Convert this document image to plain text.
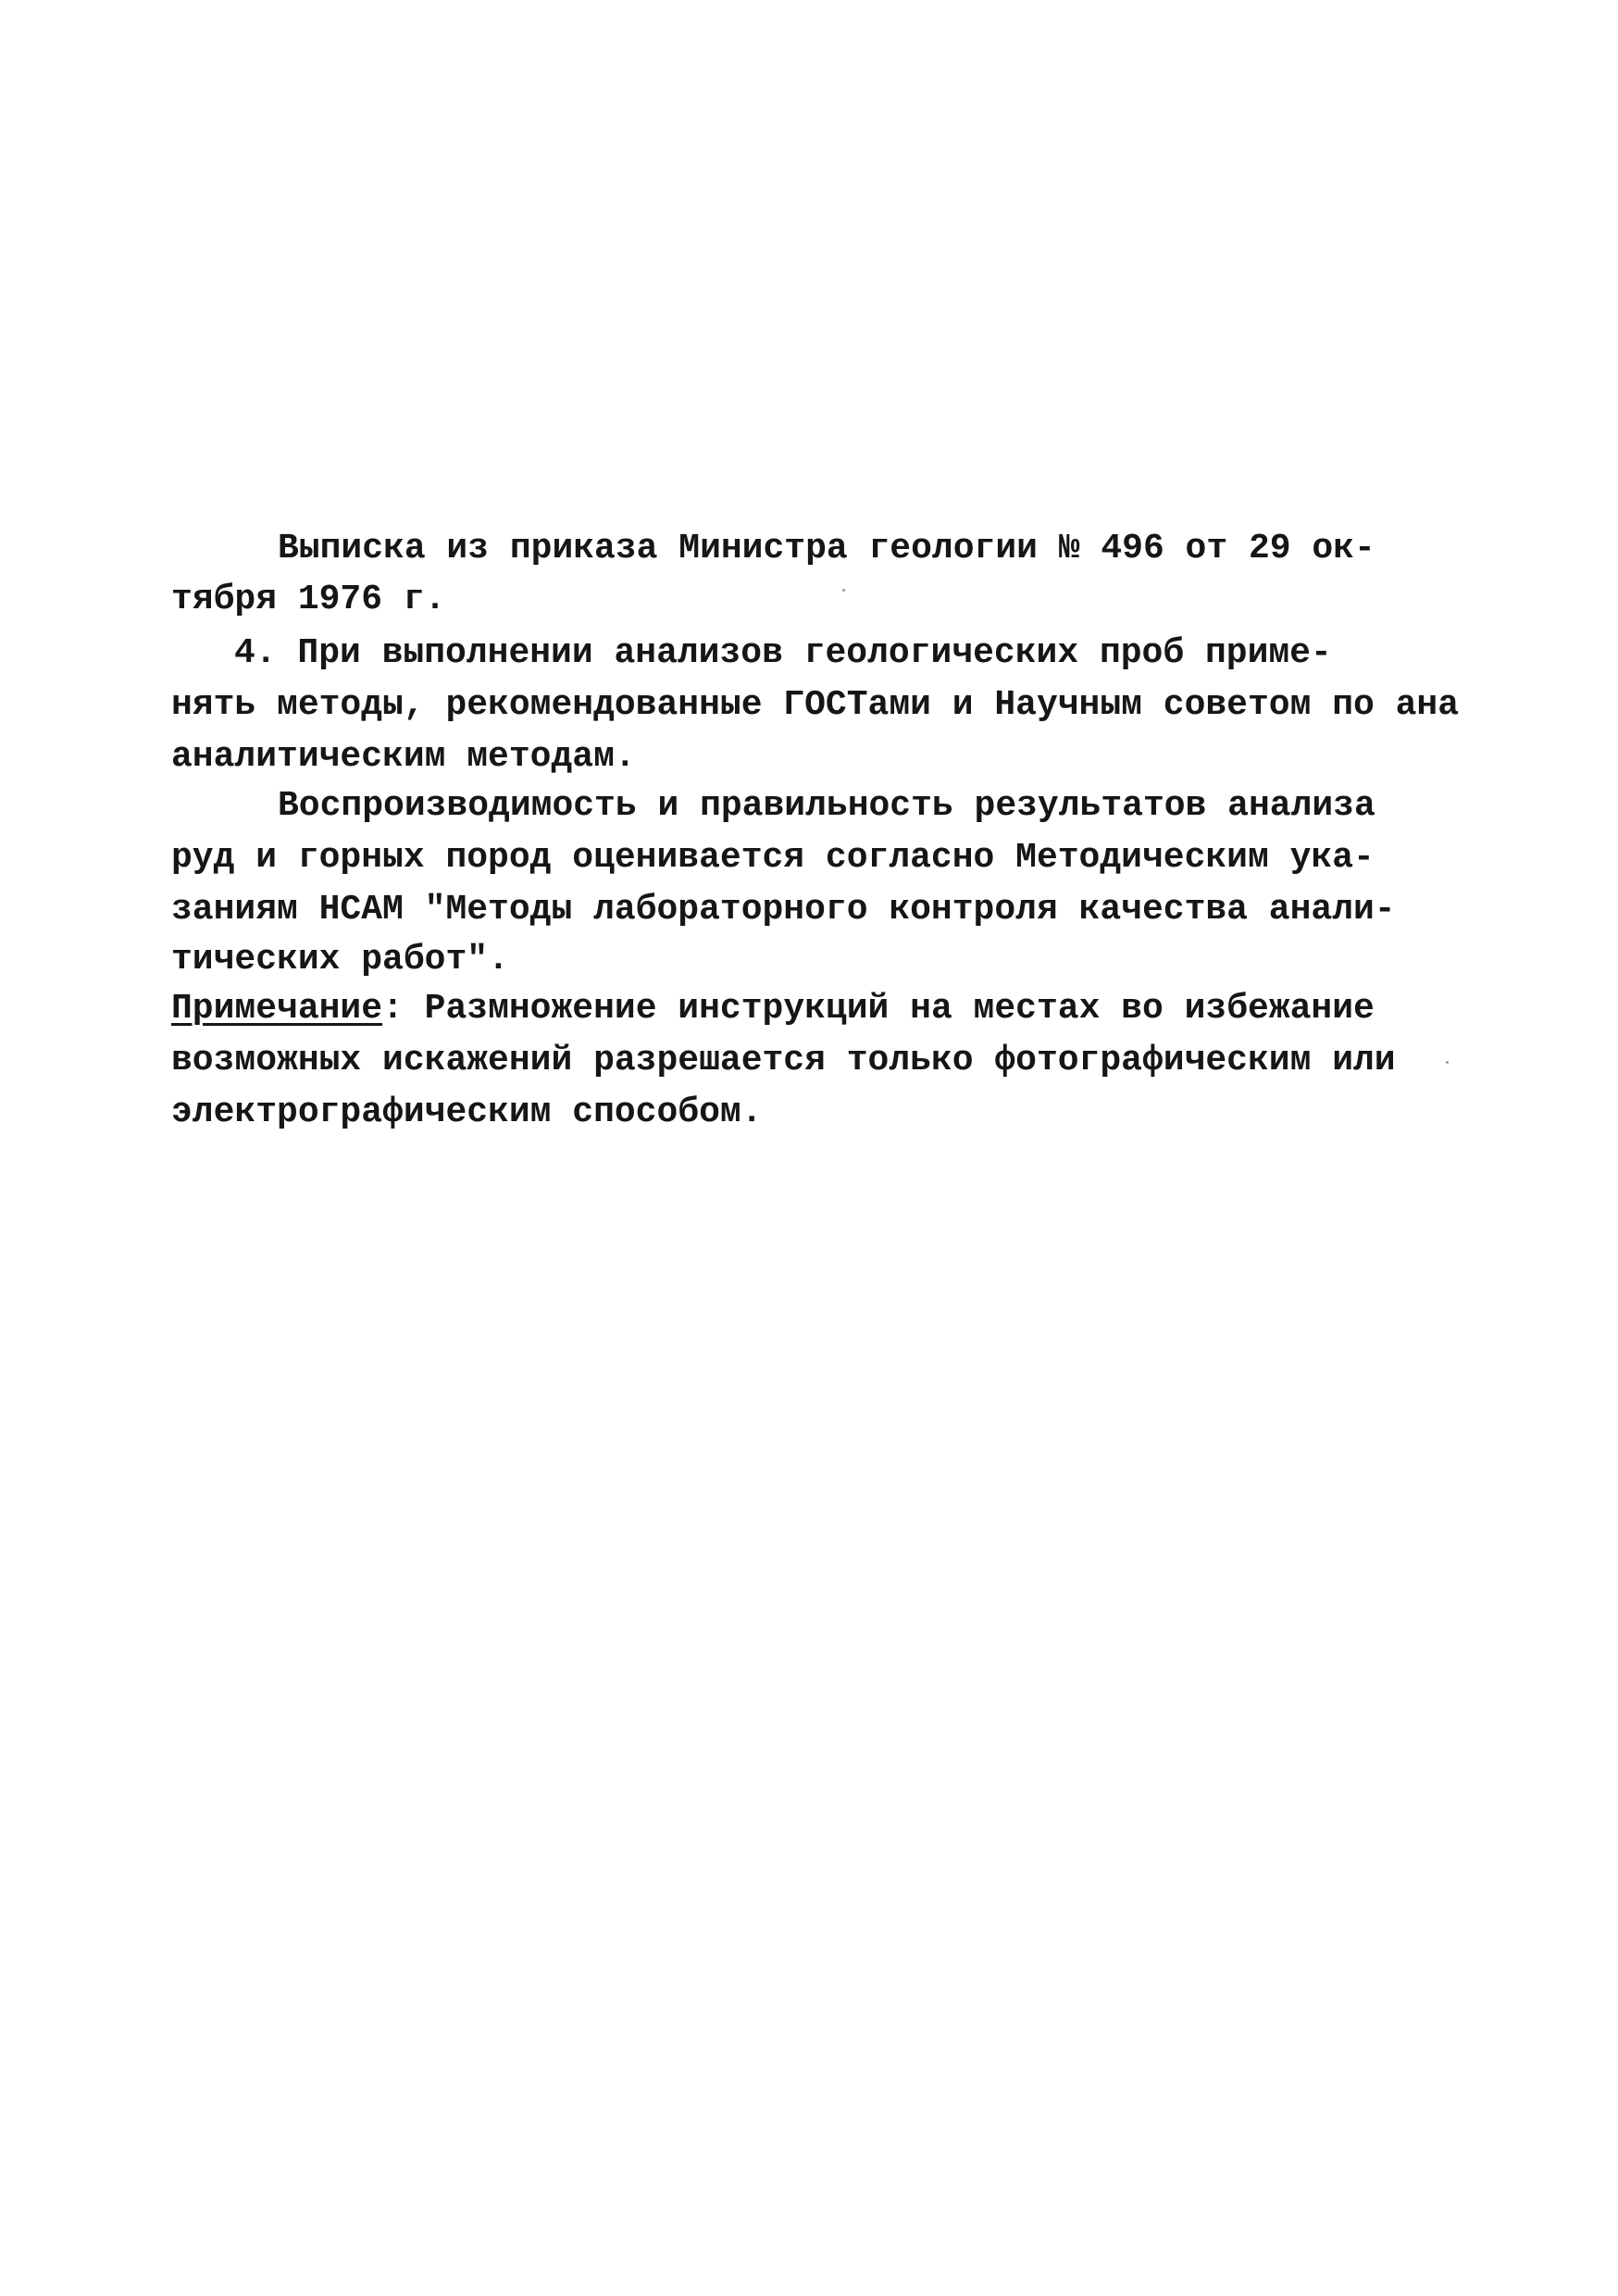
Выписка из приказа Министра геологии № 496 от 29 ок-
тября 1976 г.
4. При выполнении анализов геологических проб приме-
нять методы, рекомендованные ГОСТами и Научным советом по ана
аналитическим методам.
Воспроизводимость и правильность результатов анализа
руд и горных пород оценивается согласно Методическим ука-
заниям НСАМ "Методы лабораторного контроля качества анали-
тических работ".
Примечание: Размножение инструкций на местах во избежание
возможных искажений разрешается только фотографическим или
электрографическим способом.
